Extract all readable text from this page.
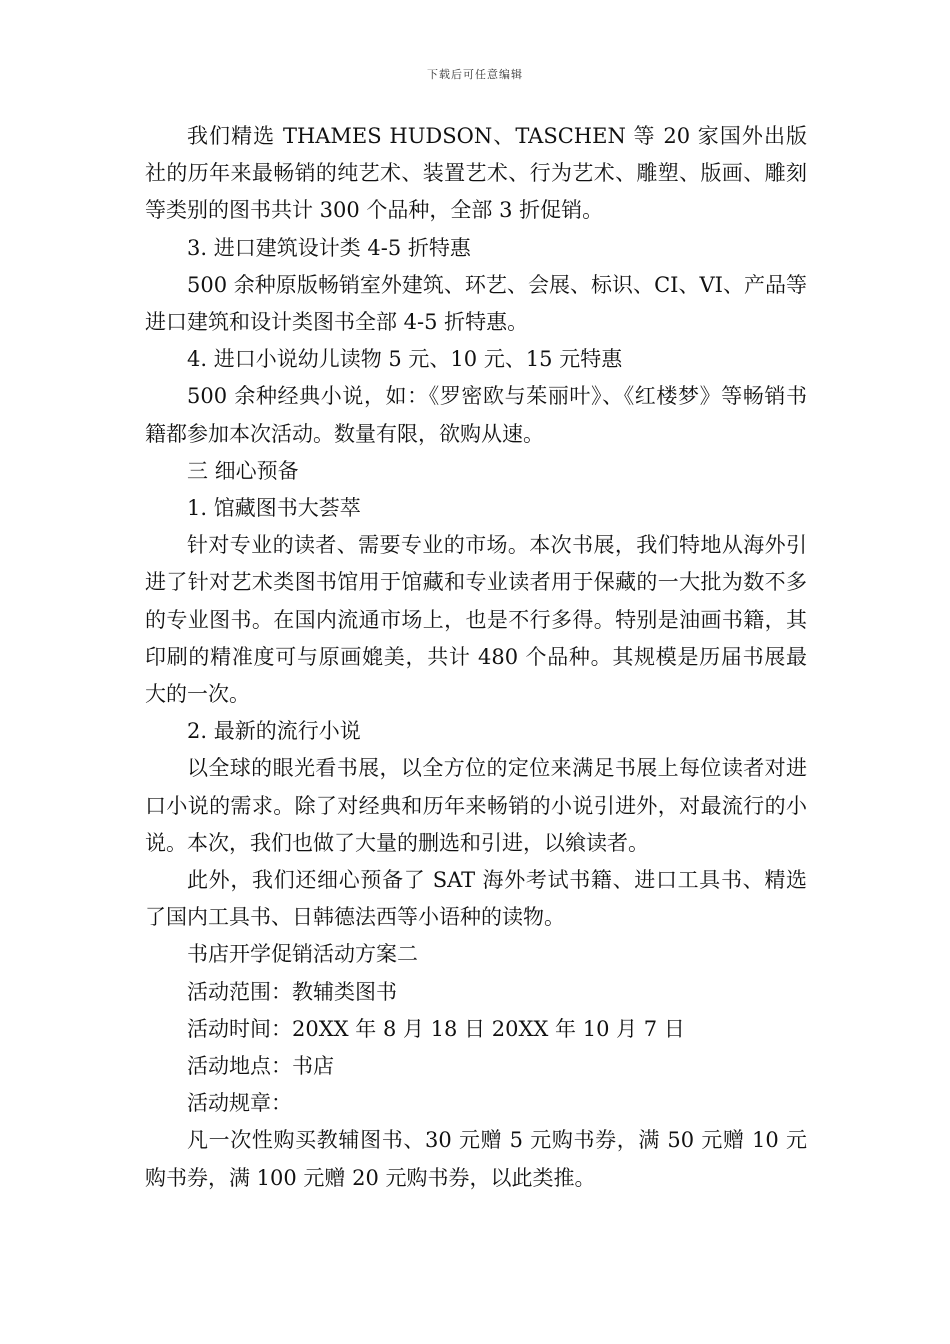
下载后可任意编辑

我们精选 THAMES HUDSON、TASCHEN 等 20 家国外出版社的历年来最畅销的纯艺术、装置艺术、行为艺术、雕塑、版画、雕刻等类别的图书共计 300 个品种，全部 3 折促销。

3. 进口建筑设计类 4-5 折特惠

500 余种原版畅销室外建筑、环艺、会展、标识、CI、VI、产品等进口建筑和设计类图书全部 4-5 折特惠。

4. 进口小说幼儿读物 5 元、10 元、15 元特惠

500 余种经典小说，如：《罗密欧与茱丽叶》、《红楼梦》等畅销书籍都参加本次活动。数量有限，欲购从速。

三 细心预备

1. 馆藏图书大荟萃

针对专业的读者、需要专业的市场。本次书展，我们特地从海外引进了针对艺术类图书馆用于馆藏和专业读者用于保藏的一大批为数不多的专业图书。在国内流通市场上，也是不行多得。特别是油画书籍，其印刷的精准度可与原画媲美，共计 480 个品种。其规模是历届书展最大的一次。

2. 最新的流行小说

以全球的眼光看书展，以全方位的定位来满足书展上每位读者对进口小说的需求。除了对经典和历年来畅销的小说引进外，对最流行的小说。本次，我们也做了大量的删选和引进，以飨读者。

此外，我们还细心预备了 SAT 海外考试书籍、进口工具书、精选了国内工具书、日韩德法西等小语种的读物。

书店开学促销活动方案二

活动范围：教辅类图书

活动时间：20XX 年 8 月 18 日 20XX 年 10 月 7 日

活动地点：书店

活动规章：

凡一次性购买教辅图书、30 元赠 5 元购书券，满 50 元赠 10 元购书券，满 100 元赠 20 元购书券，以此类推。
